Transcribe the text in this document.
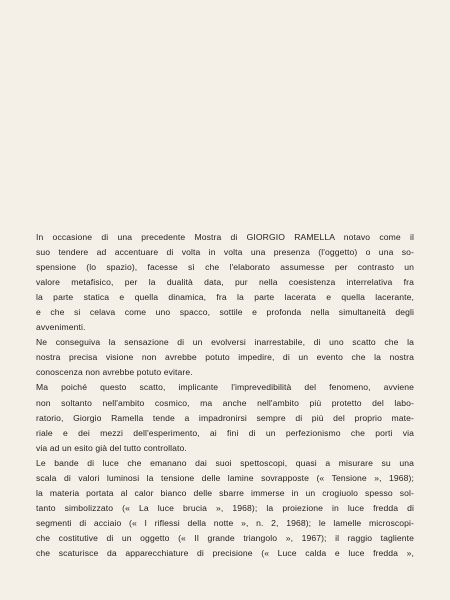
In occasione di una precedente Mostra di GIORGIO RAMELLA notavo come il
suo tendere ad accentuare di volta in volta una presenza (l'oggetto) o una so-
spensione (lo spazio), facesse sì che l'elaborato assumesse per contrasto un
valore metafisico, per la dualità data, pur nella coesistenza interrelativa fra
la parte statica e quella dinamica, fra la parte lacerata e quella lacerante,
e che si celava come uno spacco, sottile e profonda nella simultaneità degli
avvenimenti.
Ne conseguiva la sensazione di un evolversi inarrestabile, di uno scatto che la
nostra precisa visione non avrebbe potuto impedire, di un evento che la nostra
conoscenza non avrebbe potuto evitare.
Ma poiché questo scatto, implicante l'imprevedibilità del fenomeno, avviene
non soltanto nell'ambito cosmico, ma anche nell'ambito più protetto del labo-
ratorio, Giorgio Ramella tende a impadronirsi sempre di più del proprio mate-
riale e dei mezzi dell'esperimento, ai fini di un perfezionismo che porti via
via ad un esito già del tutto controllato.
Le bande di luce che emanano dai suoi spettoscopi, quasi a misurare su una
scala di valori luminosi la tensione delle lamine sovrapposte (« Tensione », 1968);
la materia portata al calor bianco delle sbarre immerse in un crogiuolo spesso sol-
tanto simbolizzato (« La luce brucia », 1968); la proiezione in luce fredda di
segmenti di acciaio (« I riflessi della notte », n. 2, 1968); le lamelle microscopi-
che costitutive di un oggetto (« Il grande triangolo », 1967); il raggio tagliente
che scaturisce da apparecchiature di precisione (« Luce calda e luce fredda »,
